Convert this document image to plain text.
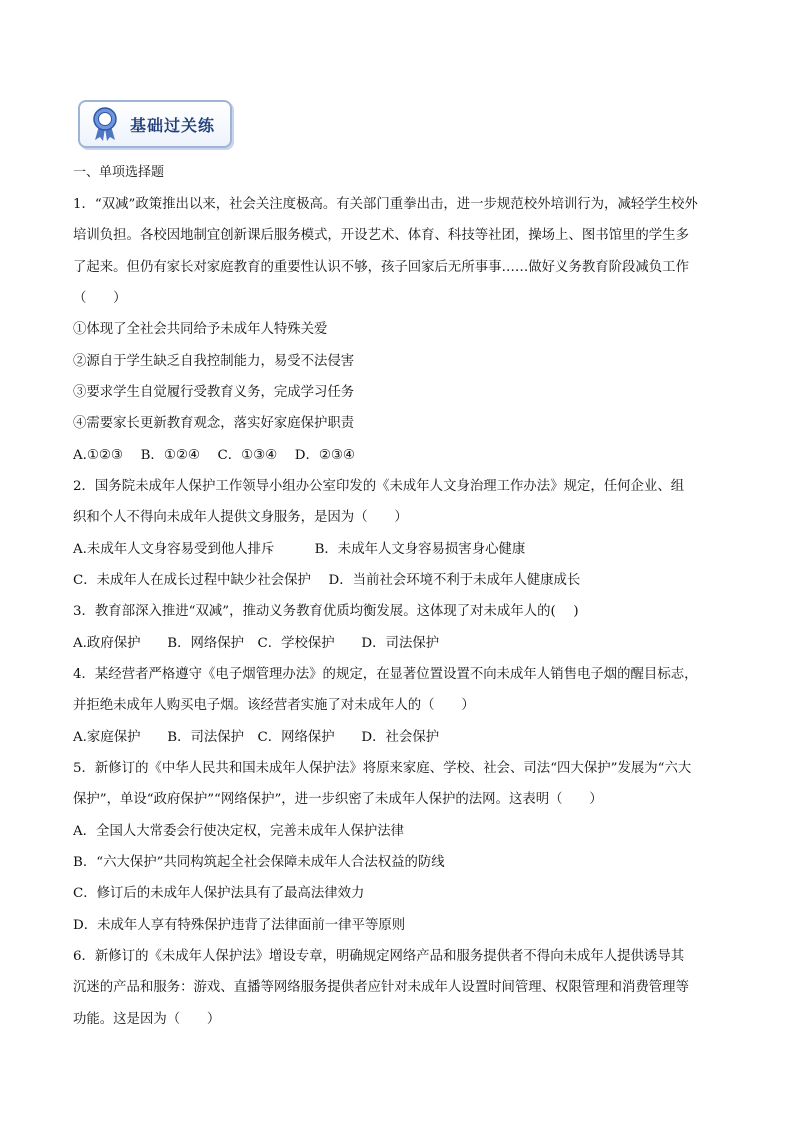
基础过关练
一、单项选择题
1．“双减”政策推出以来，社会关注度极高。有关部门重拳出击，进一步规范校外培训行为，减轻学生校外
培训负担。各校因地制宜创新课后服务模式，开设艺术、体育、科技等社团，操场上、图书馆里的学生多
了起来。但仍有家长对家庭教育的重要性认识不够，孩子回家后无所事事……做好义务教育阶段减负工作
（　　）
①体现了全社会共同给予未成年人特殊关爱
②源自于学生缺乏自我控制能力，易受不法侵害
③要求学生自觉履行受教育义务，完成学习任务
④需要家长更新教育观念，落实好家庭保护职责
A.①②③　 B．①②④　 C．①③④　 D．②③④
2．国务院未成年人保护工作领导小组办公室印发的《未成年人文身治理工作办法》规定，任何企业、组
织和个人不得向未成年人提供文身服务，是因为（　　）
A.未成年人文身容易受到他人排斥　　　B．未成年人文身容易损害身心健康
C．未成年人在成长过程中缺少社会保护　 D．当前社会环境不利于未成年人健康成长
3．教育部深入推进“双减”，推动义务教育优质均衡发展。这体现了对未成年人的(　 )
A.政府保护　　B．网络保护　C．学校保护　　D．司法保护
4．某经营者严格遵守《电子烟管理办法》的规定，在显著位置设置不向未成年人销售电子烟的醒目标志，
并拒绝未成年人购买电子烟。该经营者实施了对未成年人的（　　）
A.家庭保护　　B．司法保护　C．网络保护　　D．社会保护
5．新修订的《中华人民共和国未成年人保护法》将原来家庭、学校、社会、司法“四大保护”发展为“六大
保护”，单设“政府保护”“网络保护”，进一步织密了未成年人保护的法网。这表明（　　）
A．全国人大常委会行使决定权，完善未成年人保护法律
B．“六大保护”共同构筑起全社会保障未成年人合法权益的防线
C．修订后的未成年人保护法具有了最高法律效力
D．未成年人享有特殊保护违背了法律面前一律平等原则
6．新修订的《未成年人保护法》增设专章，明确规定网络产品和服务提供者不得向未成年人提供诱导其
沉迷的产品和服务：游戏、直播等网络服务提供者应针对未成年人设置时间管理、权限管理和消费管理等
功能。这是因为（　　）
